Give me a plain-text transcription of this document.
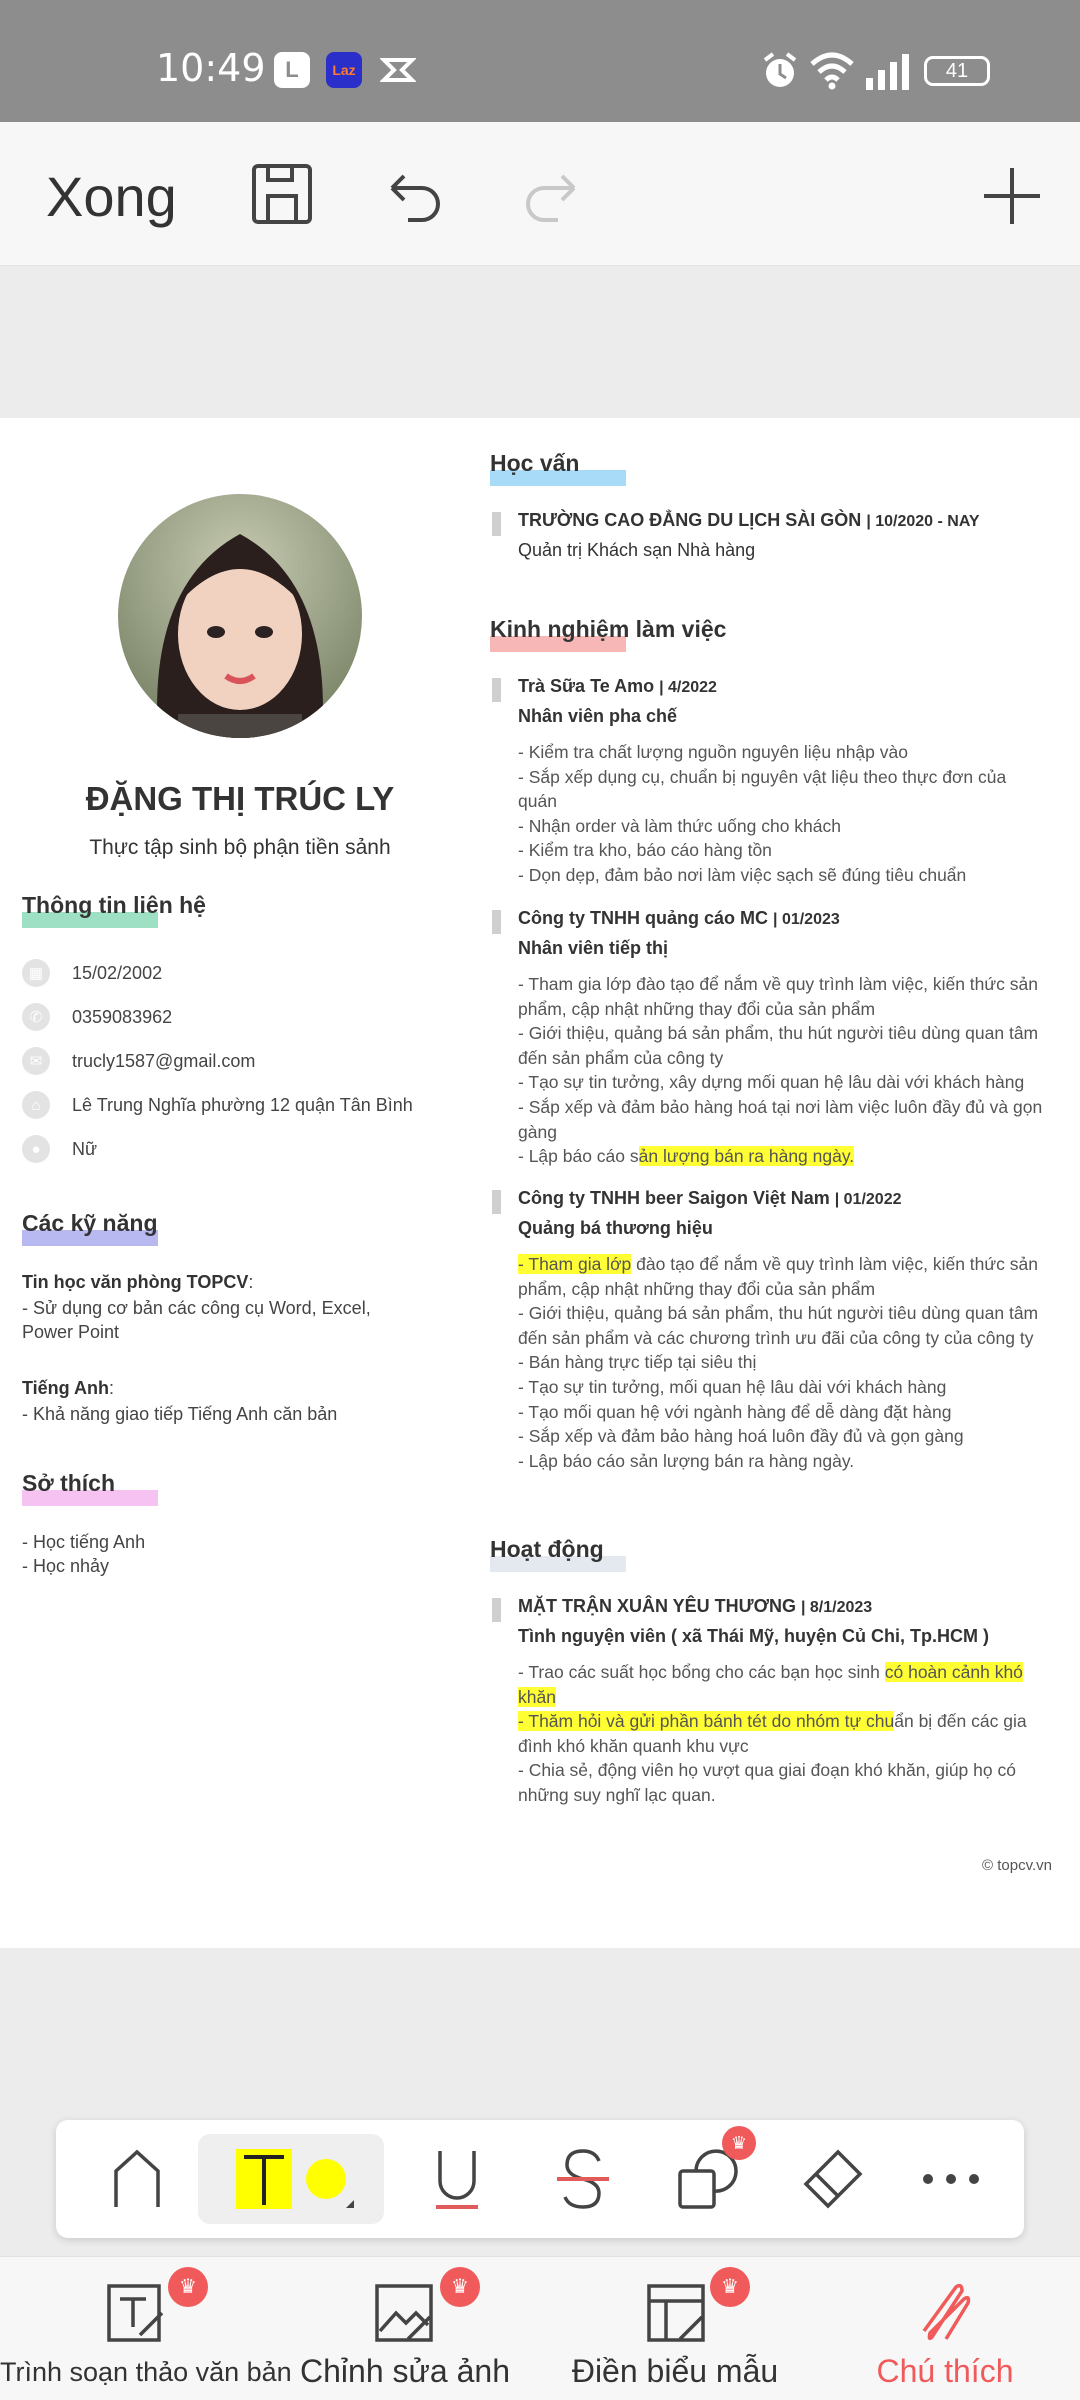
10:49 L	Laz	41
Xong
ĐẶNG THỊ TRÚC LY
Thực tập sinh bộ phận tiền sảnh
Thông tin liên hệ
▦	15/02/2002
✆	0359083962
✉	trucly1587@gmail.com
⌂	Lê Trung Nghĩa phường 12 quận Tân Bình
●	Nữ
Các kỹ năng
Tin học văn phòng TOPCV:
- Sử dụng cơ bản các công cụ Word, Excel, Power Point
Tiếng Anh:
- Khả năng giao tiếp Tiếng Anh căn bản
Sở thích
- Học tiếng Anh
- Học nhảy
Học vấn
TRƯỜNG CAO ĐẲNG DU LỊCH SÀI GÒN | 10/2020 - NAY
Quản trị Khách sạn Nhà hàng
Kinh nghiệm làm việc
Trà Sữa Te Amo | 4/2022
Nhân viên pha chế
- Kiểm tra chất lượng nguồn nguyên liệu nhập vào
- Sắp xếp dụng cụ, chuẩn bị nguyên vật liệu theo thực đơn của quán
- Nhận order và làm thức uống cho khách
- Kiểm tra kho, báo cáo hàng tồn
- Dọn dẹp, đảm bảo nơi làm việc sạch sẽ đúng tiêu chuẩn
Công ty TNHH quảng cáo MC | 01/2023
Nhân viên tiếp thị
- Tham gia lớp đào tạo để nắm về quy trình làm việc, kiến thức sản phẩm, cập nhật những thay đổi của sản phẩm
- Giới thiệu, quảng bá sản phẩm, thu hút người tiêu dùng quan tâm đến sản phẩm của công ty
- Tạo sự tin tưởng, xây dựng mối quan hệ lâu dài với khách hàng
- Sắp xếp và đảm bảo hàng hoá tại nơi làm việc luôn đầy đủ và gọn gàng
- Lập báo cáo sản lượng bán ra hàng ngày.
Công ty TNHH beer Saigon Việt Nam | 01/2022
Quảng bá thương hiệu
- Tham gia lớp đào tạo để nắm về quy trình làm việc, kiến thức sản phẩm, cập nhật những thay đổi của sản phẩm
- Giới thiệu, quảng bá sản phẩm, thu hút người tiêu dùng quan tâm đến sản phẩm và các chương trình ưu đãi của công ty của công ty
- Bán hàng trực tiếp tại siêu thị
- Tạo sự tin tưởng, mối quan hệ lâu dài với khách hàng
- Tạo mối quan hệ với ngành hàng để dễ dàng đặt hàng
- Sắp xếp và đảm bảo hàng hoá luôn đầy đủ và gọn gàng
- Lập báo cáo sản lượng bán ra hàng ngày.
Hoạt động
MẶT TRẬN XUÂN YÊU THƯƠNG | 8/1/2023
Tình nguyện viên ( xã Thái Mỹ, huyện Củ Chi, Tp.HCM )
- Trao các suất học bổng cho các bạn học sinh có hoàn cảnh khó khăn
- Thăm hỏi và gửi phần bánh tét do nhóm tự chuẩn bị đến các gia đình khó khăn quanh khu vực
- Chia sẻ, động viên họ vượt qua giai đoạn khó khăn, giúp họ có những suy nghĩ lạc quan.
© topcv.vn
♛
♛
Trình soạn thảo văn bản
♛
Chỉnh sửa ảnh
♛
Điền biểu mẫu	Chú thích
